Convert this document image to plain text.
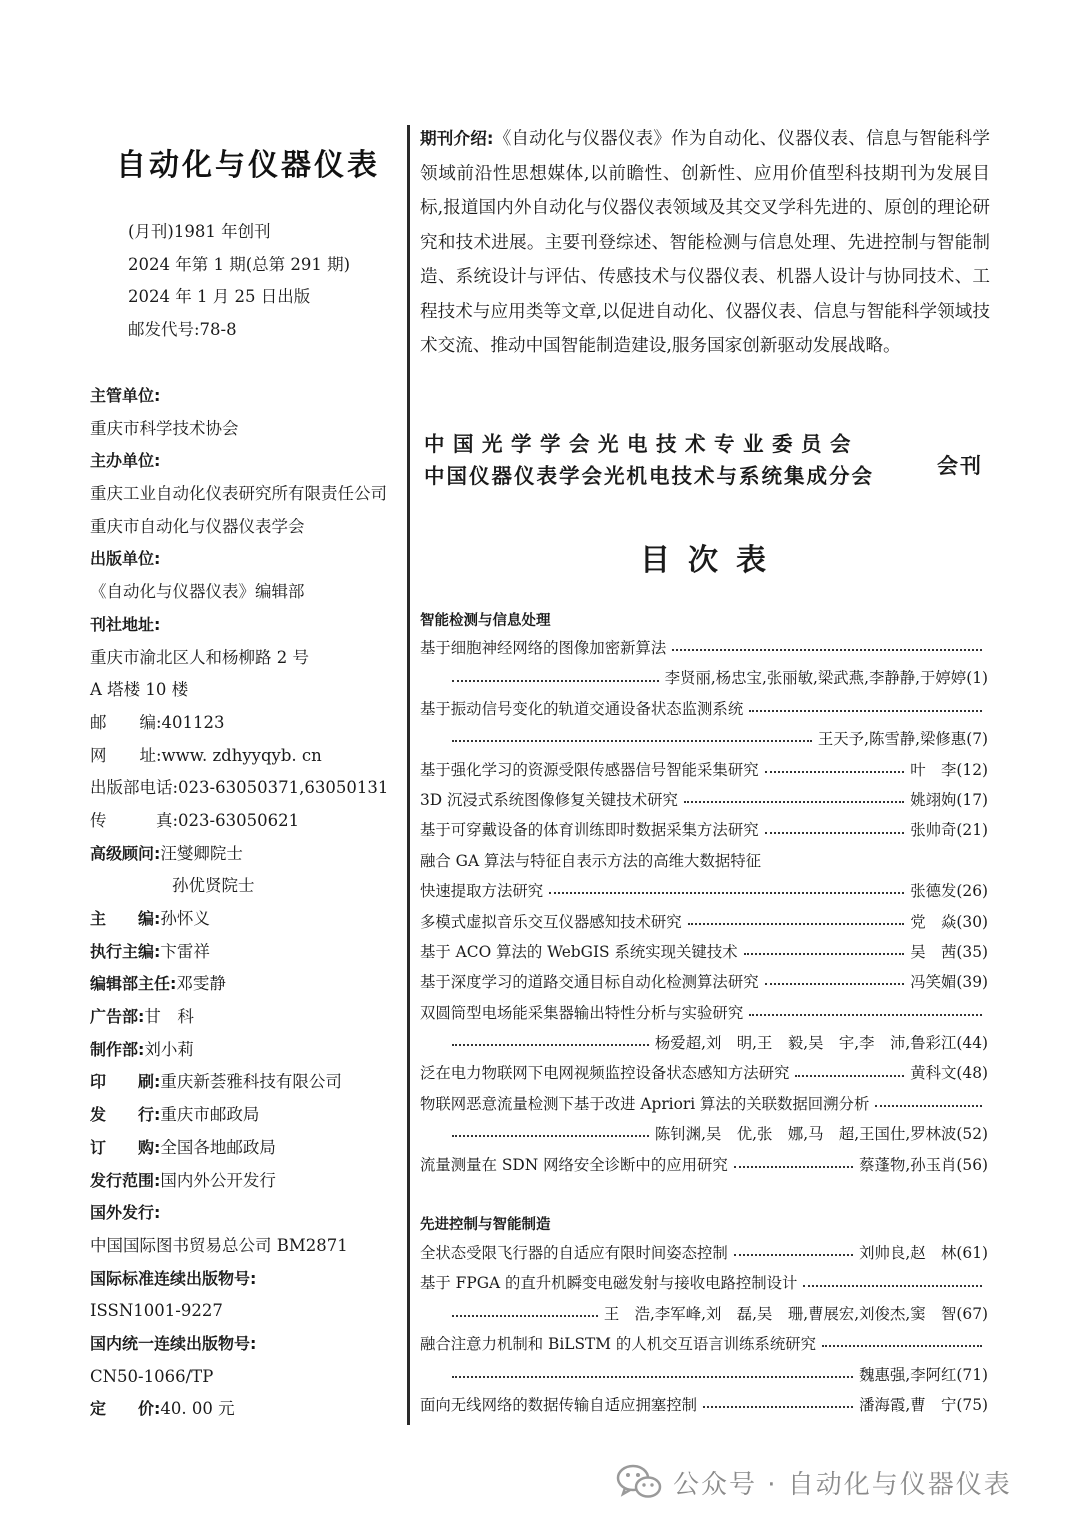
自动化与仪器仪表
(月刊)1981 年创刊
2024 年第 1 期(总第 291 期)
2024 年 1 月 25 日出版
邮发代号:78-8
主管单位:
重庆市科学技术协会
主办单位:
重庆工业自动化仪表研究所有限责任公司
重庆市自动化与仪器仪表学会
出版单位:
《自动化与仪器仪表》编辑部
刊社地址:
重庆市渝北区人和杨柳路 2 号
A 塔楼 10 楼
邮　　编:401123
网　　址:www. zdhyyqyb. cn
出版部电话:023-63050371,63050131
传　　　真:023-63050621
高级顾问:汪燮卿院士
孙优贤院士
主　　编:孙怀义
执行主编:卞雷祥
编辑部主任:邓雯静
广告部:甘　科
制作部:刘小莉
印　　刷:重庆新荟雅科技有限公司
发　　行:重庆市邮政局
订　　购:全国各地邮政局
发行范围:国内外公开发行
国外发行:
中国国际图书贸易总公司 BM2871
国际标准连续出版物号:
ISSN1001-9227
国内统一连续出版物号:
CN50-1066/TP
定　　价:40. 00 元
期刊介绍:《自动化与仪器仪表》作为自动化、仪器仪表、信息与智能科学领域前沿性思想媒体,以前瞻性、创新性、应用价值型科技期刊为发展目标,报道国内外自动化与仪器仪表领域及其交叉学科先进的、原创的理论研究和技术进展。主要刊登综述、智能检测与信息处理、先进控制与智能制造、系统设计与评估、传感技术与仪器仪表、机器人设计与协同技术、工程技术与应用类等文章,以促进自动化、仪器仪表、信息与智能科学领域技术交流、推动中国智能制造建设,服务国家创新驱动发展战略。
中国光学学会光电技术专业委员会
中国仪器仪表学会光机电技术与系统集成分会	会刊
目次表
智能检测与信息处理
基于细胞神经网络的图像加密新算法
李贤丽,杨忠宝,张丽敏,梁武燕,李静静,于婷婷(1)
基于振动信号变化的轨道交通设备状态监测系统
王天予,陈雪静,梁修惠(7)
基于强化学习的资源受限传感器信号智能采集研究	叶　李(12)
3D 沉浸式系统图像修复关键技术研究	姚翊姁(17)
基于可穿戴设备的体育训练即时数据采集方法研究	张帅奇(21)
融合 GA 算法与特征自表示方法的高维大数据特征
快速提取方法研究	张德发(26)
多模式虚拟音乐交互仪器感知技术研究	党　焱(30)
基于 ACO 算法的 WebGIS 系统实现关键技术	吴　茜(35)
基于深度学习的道路交通目标自动化检测算法研究	冯笑媚(39)
双圆筒型电场能采集器输出特性分析与实验研究
杨爱超,刘　明,王　毅,吴　宇,李　沛,鲁彩江(44)
泛在电力物联网下电网视频监控设备状态感知方法研究	黄科文(48)
物联网恶意流量检测下基于改进 Apriori 算法的关联数据回溯分析
陈钊渊,吴　优,张　娜,马　超,王国仕,罗林波(52)
流量测量在 SDN 网络安全诊断中的应用研究	蔡蓬物,孙玉肖(56)
先进控制与智能制造
全状态受限飞行器的自适应有限时间姿态控制	刘帅良,赵　林(61)
基于 FPGA 的直升机瞬变电磁发射与接收电路控制设计
王　浩,李军峰,刘　磊,吴　珊,曹展宏,刘俊杰,窦　智(67)
融合注意力机制和 BiLSTM 的人机交互语言训练系统研究
魏惠强,李阿红(71)
面向无线网络的数据传输自适应拥塞控制	潘海霞,曹　宁(75)
公众号 · 自动化与仪器仪表
